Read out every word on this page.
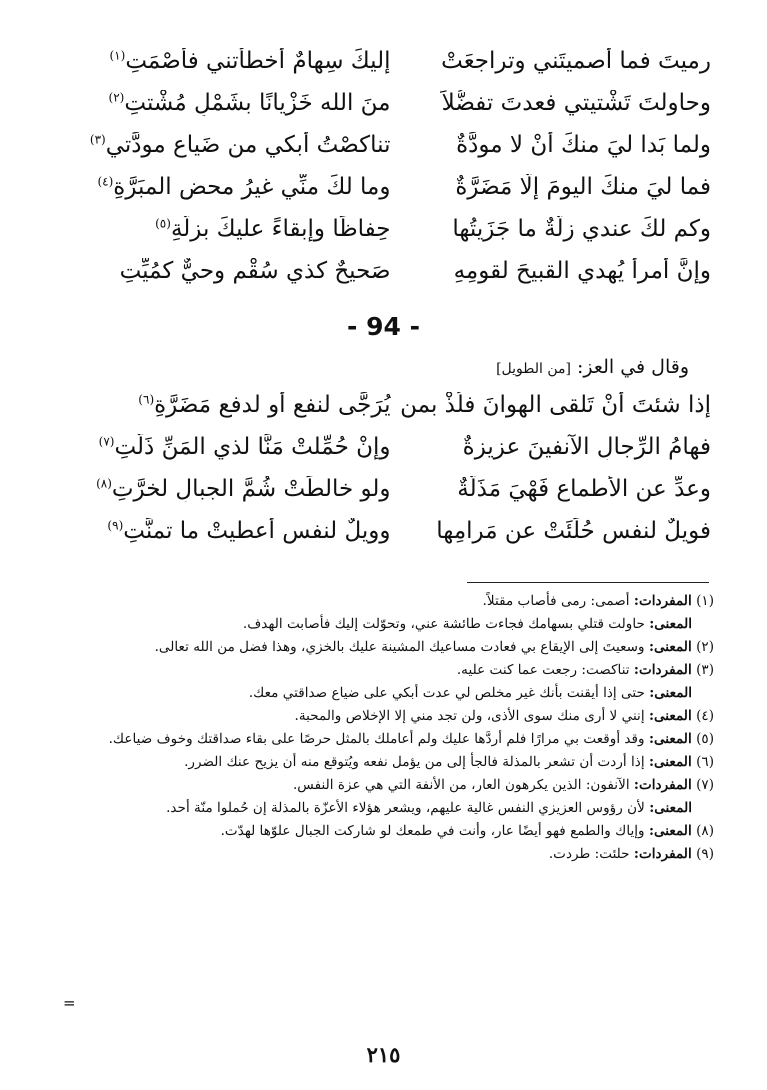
رميتَ فما أصميتَني وتراجعَتْ
إليكَ سِهامٌ أخطأتني فأصْمَتِ$^{(١)}$
وحاولتَ تَشْتيتي فعدتَ تفضُّلاً
منَ الله خَزْيانًا بشَمْلٍ مُشْتتِ$^{(٢)}$
ولما بَدا ليَ منكَ أنْ لا مودَّةٌ
تناكصْتُ أبكي من ضَياعِ مودَّتي$^{(٣)}$
فما ليَ منكَ اليومَ إلَّا مَضَرَّةٌ
وما لكَ منِّي غيرُ محضِ المبَرَّةِ$^{(٤)}$
وكم لكَ عندي زلَّةٌ ما جَزَيتُها
حِفاظًا وإبقاءً عليكَ بزلَّةِ$^{(٥)}$
وإنَّ أمرأً يُهدي القبيحَ لقومِهِ
صَحيحٌ كذي سُقْمٍ وحيٌّ كمُيِّتِ
- 94 -
وقال في العز: [من الطويل]
إذا شئتَ أنْ تَلقى الهوانَ فلُذْ بمن
يُرَجَّى لنفعٍ أو لدفعِ مَضَرَّةِ$^{(٦)}$
فهامُ الرِّجالِ الآنفينَ عزيزةٌ
وإنْ حُمِّلتْ مَنًّا لذي المَنِّ ذَلَّتِ$^{(٧)}$
وعدِّ عنِ الأطماعِ فَهْيَ مَذَلَّةٌ
ولو خالطَتْ شُمَّ الجبالِ لخرَّتِ$^{(٨)}$
فويلٌ لنفسٍ حُلِّئَتْ عن مَرامِها
وويلٌ لنفسٍ أُعطيتْ ما تمنَّتِ$^{(٩)}$

(١) المفردات: أصمى: رمى فأصاب مقتلاً.

المعنى: حاولت قتلي بسهامك فجاءت طائشة عني، وتحوّلت إليك فأصابت الهدف.

(٢) المعنى: وسعيتَ إلى الإيقاع بي فعادت مساعيك المشينة عليك بالخزي، وهذا فضل من الله تعالى.

(٣) المفردات: تناكصت: رجعت عما كنت عليه.

المعنى: حتى إذا أيقنت بأنك غير مخلص لي عدت أبكي على ضياع صداقتي معك.

(٤) المعنى: إنني لا أرى منك سوى الأذى، ولن تجد مني إلا الإخلاص والمحبة.

(٥) المعنى: وقد أوقعت بي مرارًا فلم أردَّها عليك ولم أعاملك بالمثل حرصًا على بقاء صداقتك وخوف ضياعك.

(٦) المعنى: إذا أردت أن تشعر بالمذلة فالجأ إلى من يؤمل نفعه ويُتوقع منه أن يزيح عنك الضرر.

(٧) المفردات: الآنفون: الذين يكرهون العار، من الأنفة التي هي عزة النفس.

المعنى: لأن رؤوس العزيزي النفس غالية عليهم، ويشعر هؤلاء الأعزّة بالمذلة إن حُملوا منّة أحد.

(٨) المعنى: وإياك والطمع فهو أيضًا عار، وأنت في طمعك لو شاركت الجبال علوّها لهدّت.

(٩) المفردات: حلئت: طردت.

=
٢١٥
